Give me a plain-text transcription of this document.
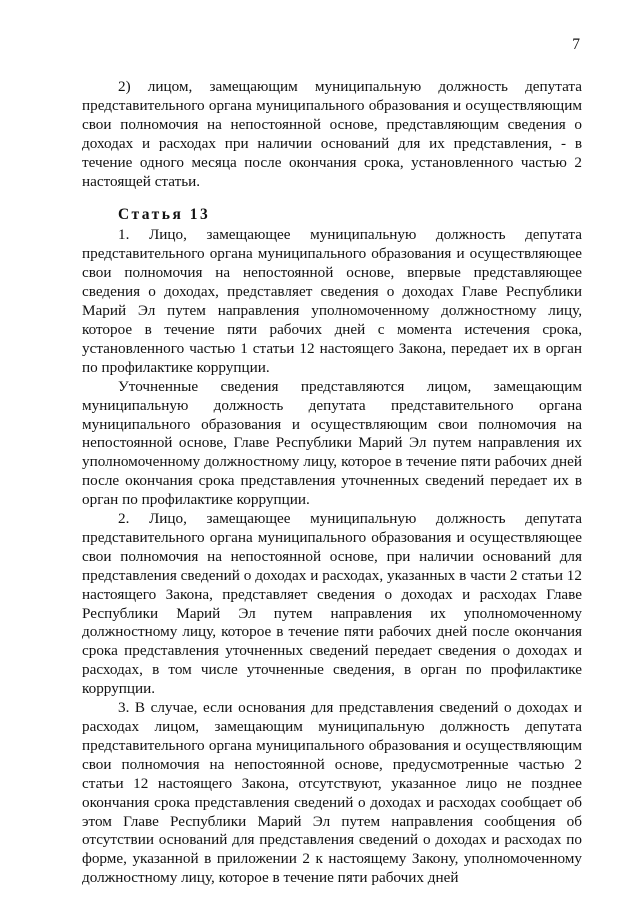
7

2) лицом, замещающим муниципальную должность депутата представительного органа муниципального образования и осуществляющим свои полномочия на непостоянной основе, представляющим сведения о доходах и расходах при наличии оснований для их представления, - в течение одного месяца после окончания срока, установленного частью 2 настоящей статьи.

Статья 13

1. Лицо, замещающее муниципальную должность депутата представительного органа муниципального образования и осуществляющее свои полномочия на непостоянной основе, впервые представляющее сведения о доходах, представляет сведения о доходах Главе Республики Марий Эл путем направления уполномоченному должностному лицу, которое в течение пяти рабочих дней с момента истечения срока, установленного частью 1 статьи 12 настоящего Закона, передает их в орган по профилактике коррупции.

Уточненные сведения представляются лицом, замещающим муниципальную должность депутата представительного органа муниципального образования и осуществляющим свои полномочия на непостоянной основе, Главе Республики Марий Эл путем направления их уполномоченному должностному лицу, которое в течение пяти рабочих дней после окончания срока представления уточненных сведений передает их в орган по профилактике коррупции.

2. Лицо, замещающее муниципальную должность депутата представительного органа муниципального образования и осуществляющее свои полномочия на непостоянной основе, при наличии оснований для представления сведений о доходах и расходах, указанных в части 2 статьи 12 настоящего Закона, представляет сведения о доходах и расходах Главе Республики Марий Эл путем направления их уполномоченному должностному лицу, которое в течение пяти рабочих дней после окончания срока представления уточненных сведений передает сведения о доходах и расходах, в том числе уточненные сведения, в орган по профилактике коррупции.

3. В случае, если основания для представления сведений о доходах и расходах лицом, замещающим муниципальную должность депутата представительного органа муниципального образования и осуществляющим свои полномочия на непостоянной основе, предусмотренные частью 2 статьи 12 настоящего Закона, отсутствуют, указанное лицо не позднее окончания срока представления сведений о доходах и расходах сообщает об этом Главе Республики Марий Эл путем направления сообщения об отсутствии оснований для представления сведений о доходах и расходах по форме, указанной в приложении 2 к настоящему Закону, уполномоченному должностному лицу, которое в течение пяти рабочих дней
